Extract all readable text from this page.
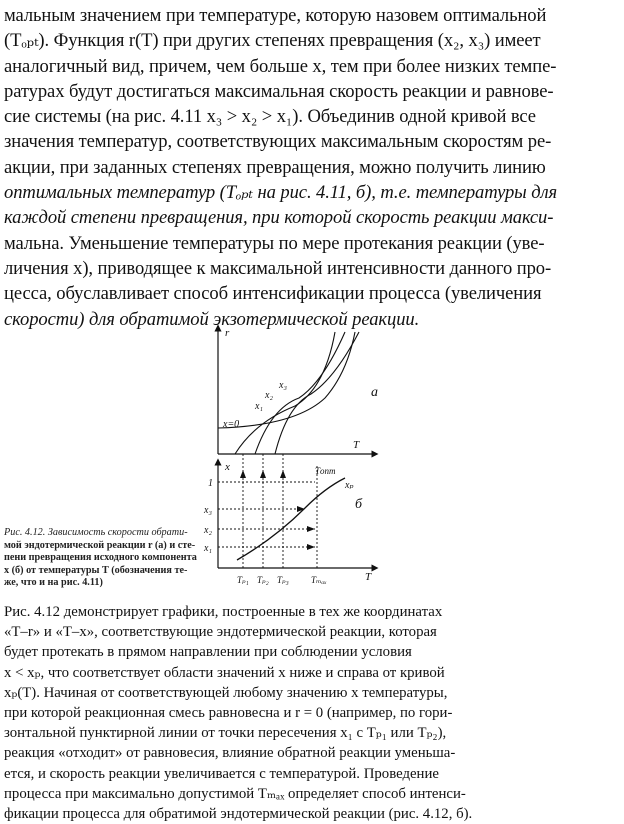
мальным значением при температуре, которую назовем оптимальной
(Tₒₚₜ). Функция r(T) при других степенях превращения (x₂, x₃) имеет
аналогичный вид, причем, чем больше x, тем при более низких темпе-
ратурах будут достигаться максимальная скорость реакции и равнове-
сие системы (на рис. 4.11 x₃ > x₂ > x₁). Объединив одной кривой все
значения температур, соответствующих максимальным скоростям ре-
акции, при заданных степенях превращения, можно получить линию
оптимальных температур (Tₒₚₜ на рис. 4.11, б), т.е. температуры для
каждой степени превращения, при которой скорость реакции макси-
мальна. Уменьшение температуры по мере протекания реакции (уве-
личения x), приводящее к максимальной интенсивности данного про-
цесса, обуславливает способ интенсификации процесса (увеличения
скорости) для обратимой экзотермической реакции.
r
T
а
x=0
x₁
x₂
x₃
x
T
б
Tопт
xₚ
1
x₃
x₂
x₁
Tₚ₁ Tₚ₂ Tₚ₃ Tₘₐₓ
Рис. 4.12. Зависимость скорости обрати-
мой эндотермической реакции r (а) и сте-
пени превращения исходного компонента
x (б) от температуры T (обозначения те-
же, что и на рис. 4.11)
Рис. 4.12 демонстрирует графики, построенные в тех же координатах
«T–r» и «T–x», соответствующие эндотермической реакции, которая
будет протекать в прямом направлении при соблюдении условия
x < xₚ, что соответствует области значений x ниже и справа от кривой
xₚ(T). Начиная от соответствующей любому значению x температуры,
при которой реакционная смесь равновесна и r = 0 (например, по гори-
зонтальной пунктирной линии от точки пересечения x₁ с Tₚ₁ или Tₚ₂),
реакция «отходит» от равновесия, влияние обратной реакции уменьша-
ется, и скорость реакции увеличивается с температурой. Проведение
процесса при максимально допустимой Tₘₐₓ определяет способ интенси-
фикации процесса для обратимой эндотермической реакции (рис. 4.12, б).
